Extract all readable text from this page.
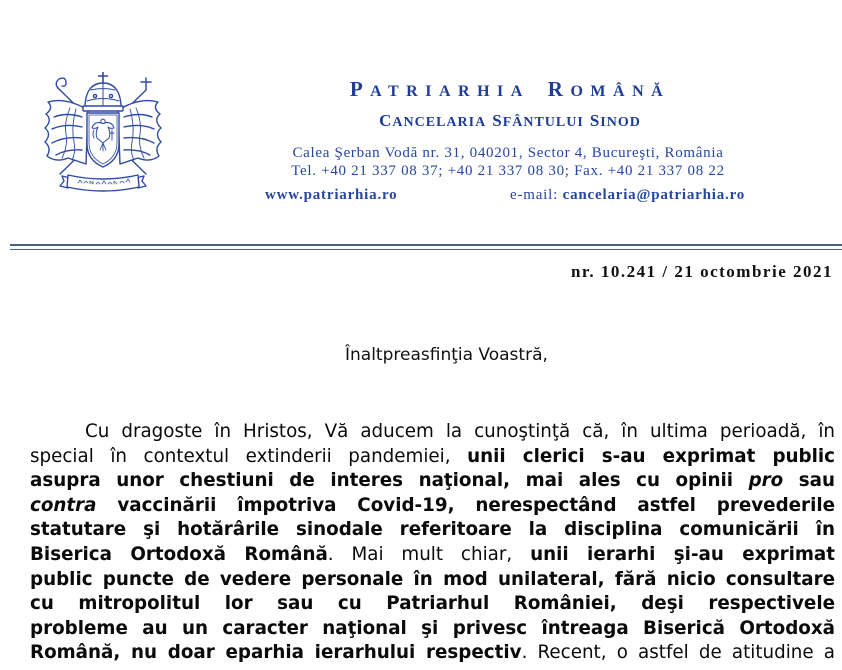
PATRIARHIA ROMÂNĂ
CANCELARIA SFÂNTULUI SINOD
Calea Şerban Vodă nr. 31, 040201, Sector 4, Bucureşti, România
Tel. +40 21 337 08 37; +40 21 337 08 30; Fax. +40 21 337 08 22
www.patriarhia.ro	e-mail: cancelaria@patriarhia.ro
nr. 10.241 / 21 octombrie 2021
Înaltpreasfinţia Voastră,
Cu dragoste în Hristos, Vă aducem la cunoştinţă că, în ultima perioadă, în
special în contextul extinderii pandemiei, unii clerici s-au exprimat public
asupra unor chestiuni de interes naţional, mai ales cu opinii pro sau
contra vaccinării împotriva Covid-19, nerespectând astfel prevederile
statutare şi hotărârile sinodale referitoare la disciplina comunicării în
Biserica Ortodoxă Română. Mai mult chiar, unii ierarhi şi-au exprimat
public puncte de vedere personale în mod unilateral, fără nicio consultare
cu mitropolitul lor sau cu Patriarhul României, deşi respectivele
probleme au un caracter naţional şi privesc întreaga Biserică Ortodoxă
Română, nu doar eparhia ierarhului respectiv. Recent, o astfel de atitudine a
